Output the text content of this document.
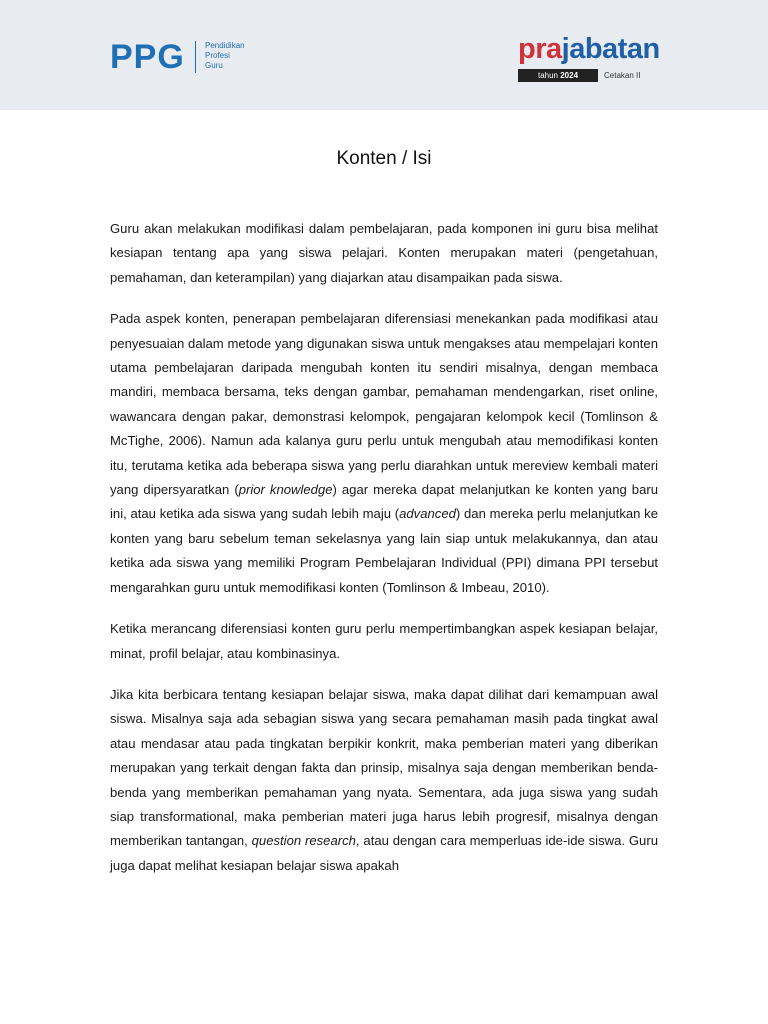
PPG	Pendidikan
Profesi
Guru
prajabatan
tahun 2024	Cetakan II
Konten / Isi

Guru akan melakukan modifikasi dalam pembelajaran, pada komponen ini guru bisa melihat kesiapan tentang apa yang siswa pelajari. Konten merupakan materi (pengetahuan, pemahaman, dan keterampilan) yang diajarkan atau disampaikan pada siswa.

Pada aspek konten, penerapan pembelajaran diferensiasi menekankan pada modifikasi atau penyesuaian dalam metode yang digunakan siswa untuk mengakses atau mempelajari konten utama pembelajaran daripada mengubah konten itu sendiri misalnya, dengan membaca mandiri, membaca bersama, teks dengan gambar, pemahaman mendengarkan, riset online, wawancara dengan pakar, demonstrasi kelompok, pengajaran kelompok kecil (Tomlinson & McTighe, 2006). Namun ada kalanya guru perlu untuk mengubah atau memodifikasi konten itu, terutama ketika ada beberapa siswa yang perlu diarahkan untuk mereview kembali materi yang dipersyaratkan (prior knowledge) agar mereka dapat melanjutkan ke konten yang baru ini, atau ketika ada siswa yang sudah lebih maju (advanced) dan mereka perlu melanjutkan ke konten yang baru sebelum teman sekelasnya yang lain siap untuk melakukannya, dan atau ketika ada siswa yang memiliki Program Pembelajaran Individual (PPI) dimana PPI tersebut mengarahkan guru untuk memodifikasi konten (Tomlinson & Imbeau, 2010).

Ketika merancang diferensiasi konten guru perlu mempertimbangkan aspek kesiapan belajar, minat, profil belajar, atau kombinasinya.

Jika kita berbicara tentang kesiapan belajar siswa, maka dapat dilihat dari kemampuan awal siswa. Misalnya saja ada sebagian siswa yang secara pemahaman masih pada tingkat awal atau mendasar atau pada tingkatan berpikir konkrit, maka pemberian materi yang diberikan merupakan yang terkait dengan fakta dan prinsip, misalnya saja dengan memberikan benda-benda yang memberikan pemahaman yang nyata. Sementara, ada juga siswa yang sudah siap transformational, maka pemberian materi juga harus lebih progresif, misalnya dengan memberikan tantangan, question research, atau dengan cara memperluas ide-ide siswa. Guru juga dapat melihat kesiapan belajar siswa apakah
